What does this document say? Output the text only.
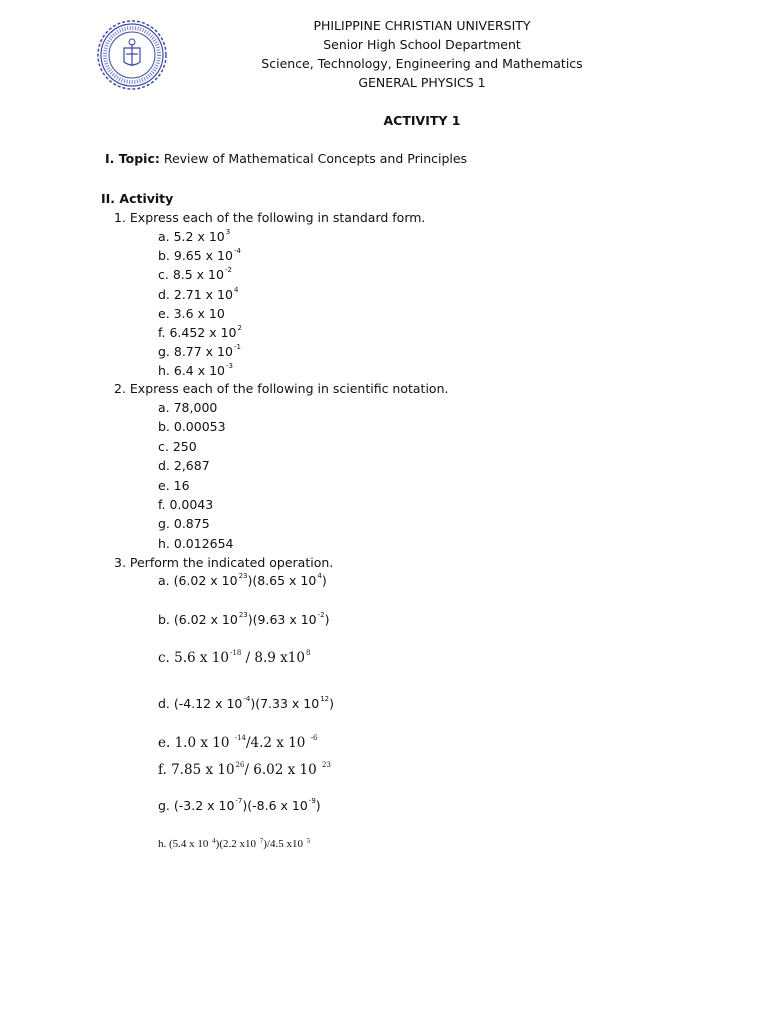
PHILIPPINE CHRISTIAN UNIVERSITY
Senior High School Department
Science, Technology, Engineering and Mathematics
GENERAL PHYSICS 1
ACTIVITY 1
I. Topic: Review of Mathematical Concepts and Principles
II. Activity
1. Express each of the following in standard form.
a. 5.2 x $10^3$
b. 9.65 x $10^{-4}$
c. 8.5 x $10^{-2}$
d. 2.71 x $10^4$
e. 3.6 x 10
f. 6.452 x $10^2$
g. 8.77 x $10^{-1}$
h. 6.4 x $10^{-3}$
2. Express each of the following in scientific notation.
a. 78,000
b. 0.00053
c. 250
d. 2,687
e. 16
f. 0.0043
g. 0.875
h. 0.012654
3. Perform the indicated operation.
a. (6.02 x $10^{23})(8.65$ x $10^4$)
b. (6.02 x $10^{23})(9.63$ x $10^{-2}$)
c. 5.6 x $10^{-18} / 8.9$ $x10^8$
d. (-4.12 x $10^{-4})(7.33$ x $10^{12}$)
e. 1.0 x 10 $^{-14}$/4.2 x 10 $^{-6}$
f. 7.85 x $10^{26}/$ 6.02 x 10 $^{23}$
g. (-3.2 x $10^{-7})(-8.6$ x $10^{-9}$)
h. (5.4 x 10 $^4$)(2.2 x10 $^7$)/4.5 x10 $^5$
